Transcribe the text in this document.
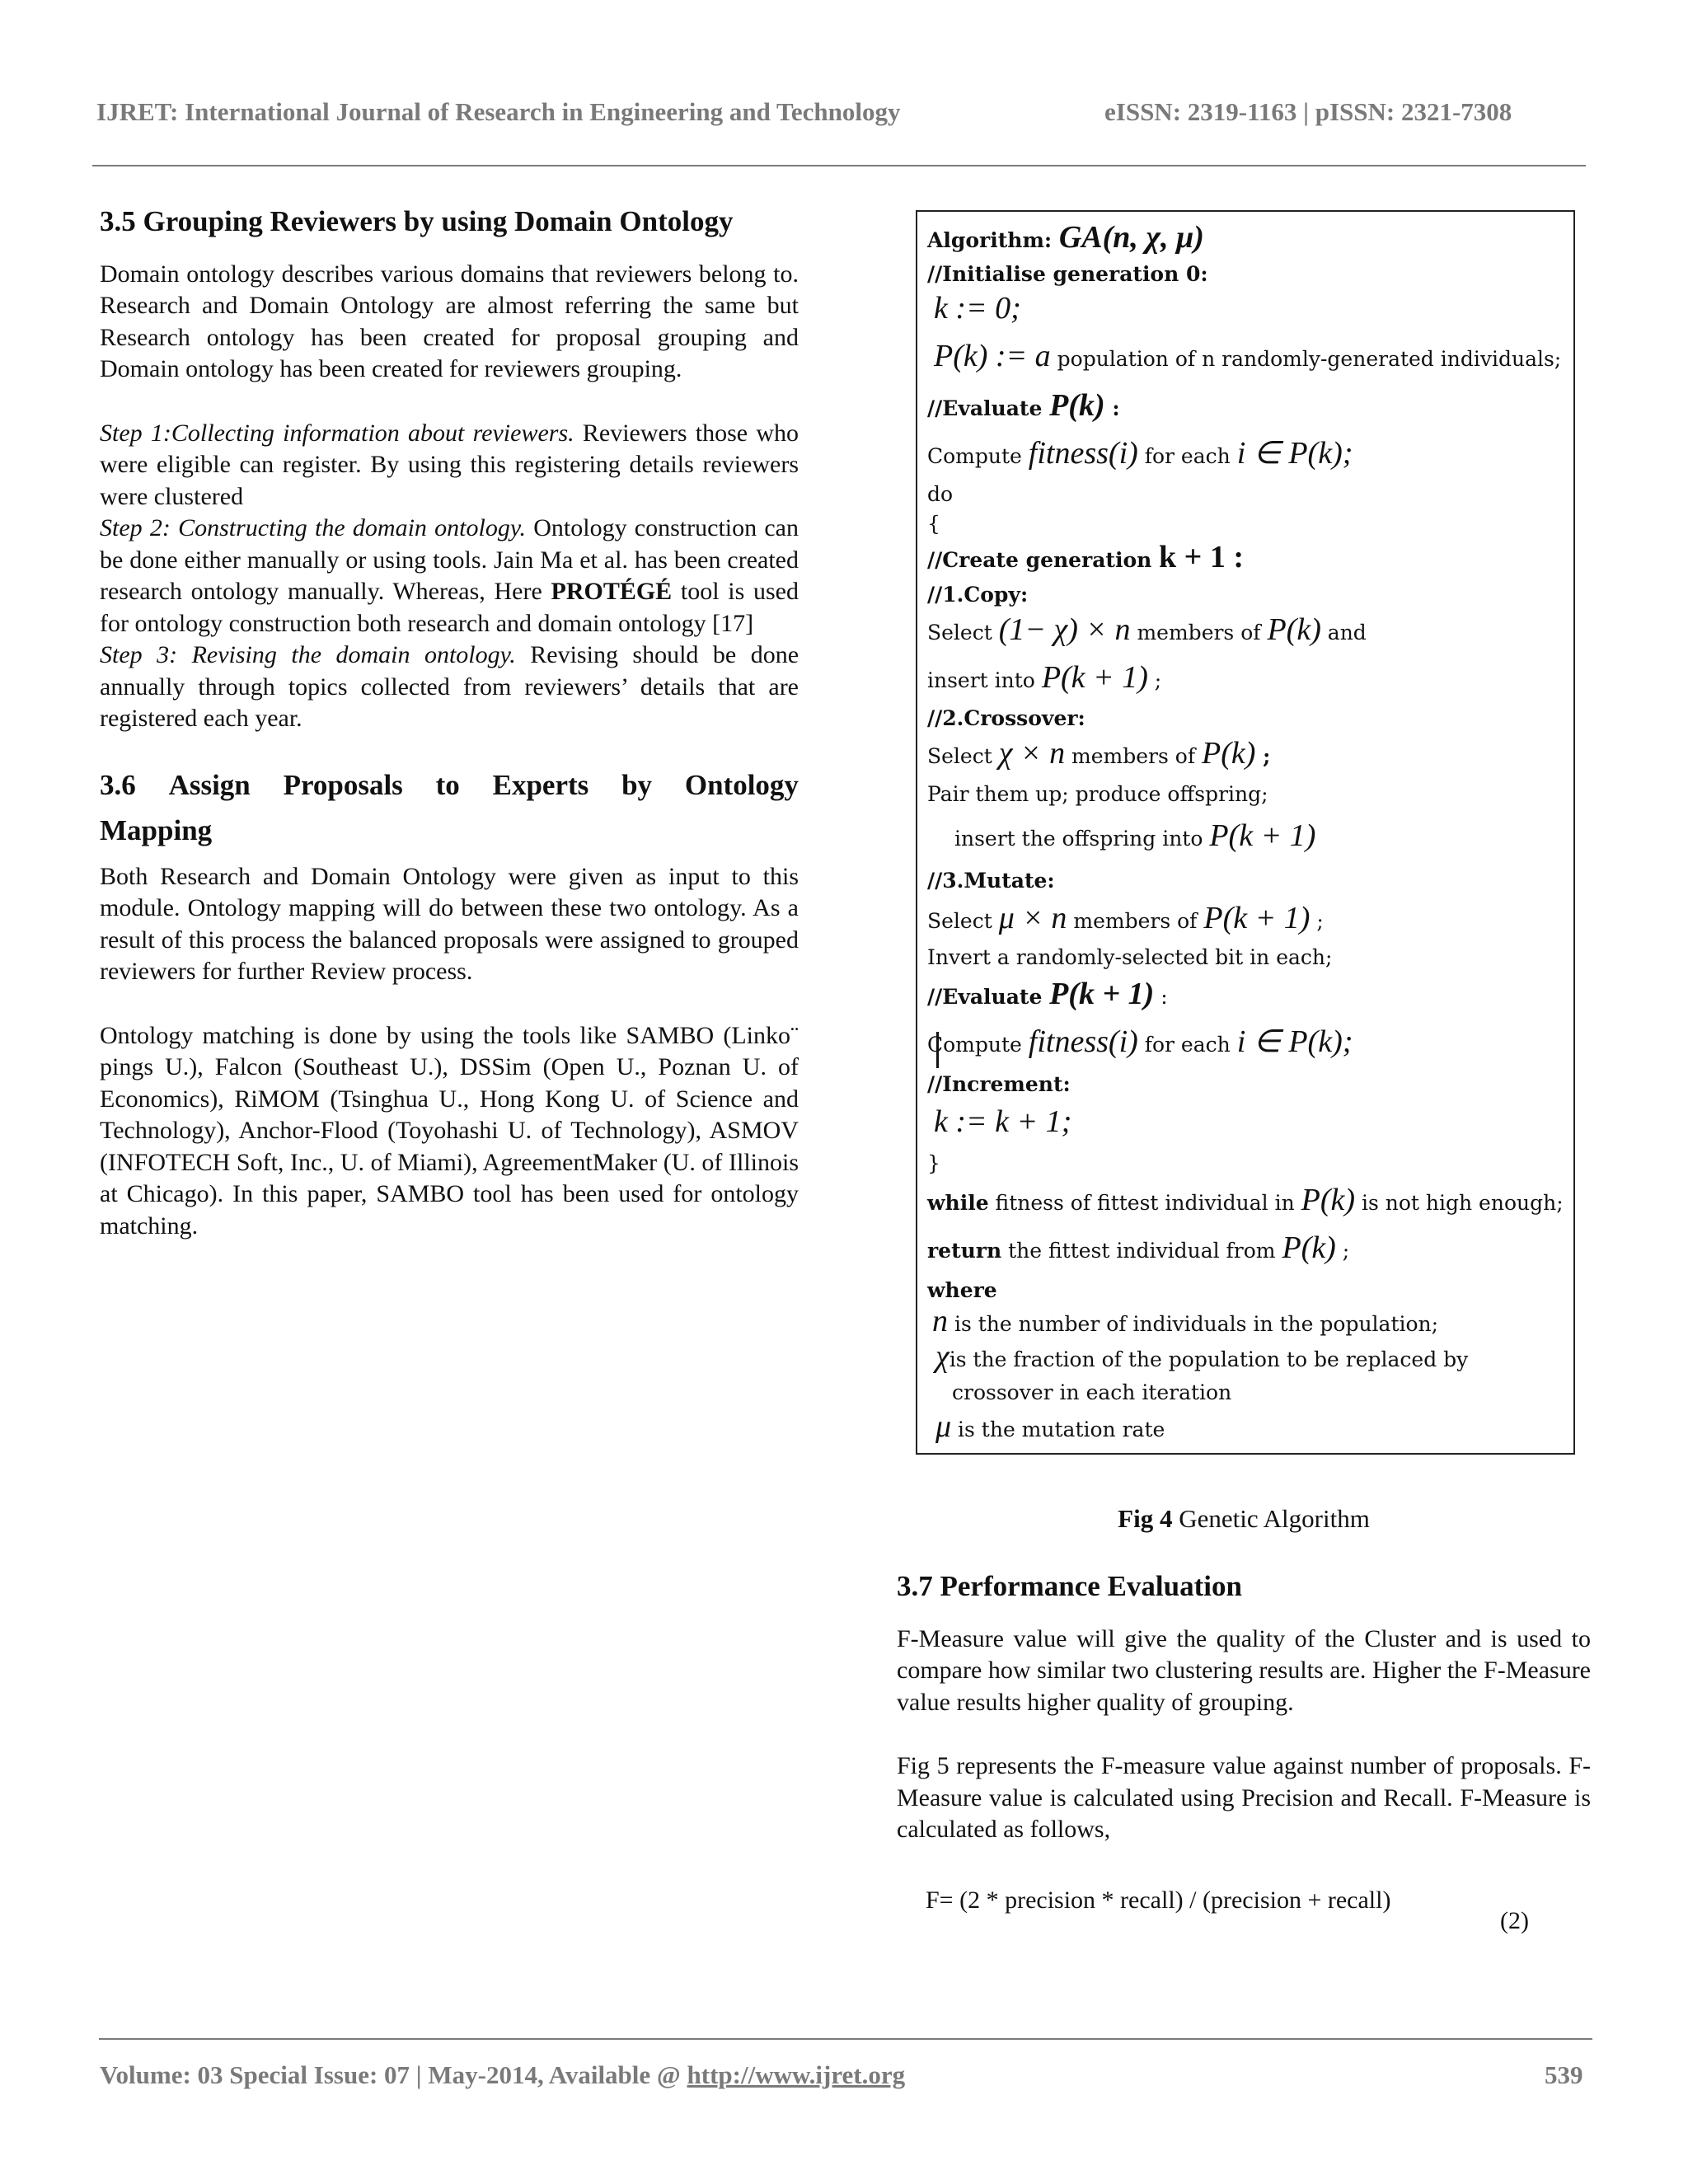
IJRET: International Journal of Research in Engineering and Technology	eISSN: 2319-1163 | pISSN: 2321-7308
3.5 Grouping Reviewers by using Domain Ontology

Domain ontology describes various domains that reviewers belong to. Research and Domain Ontology are almost referring the same but Research ontology has been created for proposal grouping and Domain ontology has been created for reviewers grouping.

Step 1:Collecting information about reviewers. Reviewers those who were eligible can register. By using this registering details reviewers were clustered

Step 2: Constructing the domain ontology. Ontology construction can be done either manually or using tools. Jain Ma et al. has been created research ontology manually. Whereas, Here PROTÉGÉ tool is used for ontology construction both research and domain ontology [17]

Step 3: Revising the domain ontology. Revising should be done annually through topics collected from reviewers’ details that are registered each year.

3.6 Assign Proposals to Experts by Ontology
Mapping

Both Research and Domain Ontology were given as input to this module. Ontology mapping will do between these two ontology. As a result of this process the balanced proposals were assigned to grouped reviewers for further Review process.

Ontology matching is done by using the tools like SAMBO (Linko¨ pings U.), Falcon (Southeast U.), DSSim (Open U., Poznan U. of Economics), RiMOM (Tsinghua U., Hong Kong U. of Science and Technology), Anchor-Flood (Toyohashi U. of Technology), ASMOV (INFOTECH Soft, Inc., U. of Miami), AgreementMaker (U. of Illinois at Chicago). In this paper, SAMBO tool has been used for ontology matching.

Algorithm: GA(n, χ, μ)
//Initialise generation 0:
k := 0;
P(k) := a population of n randomly-generated individuals;
//Evaluate P(k) :
Compute fitness(i) for each i ∈ P(k);
do
{
//Create generation k + 1 :
//1.Copy:
Select (1− χ) × n members of P(k) and
insert into P(k + 1) ;
//2.Crossover:
Select χ × n members of P(k) ;
Pair them up; produce offspring;
insert the offspring into P(k + 1)
//3.Mutate:
Select μ × n members of P(k + 1) ;
Invert a randomly-selected bit in each;
//Evaluate P(k + 1) :
Compute fitness(i) for each i ∈ P(k);
//Increment:
k := k + 1;
}
while fitness of fittest individual in P(k) is not high enough;
return the fittest individual from P(k) ;
where
n is the number of individuals in the population;
χis the fraction of the population to be replaced by
crossover in each iteration
μ is the mutation rate
Fig 4 Genetic Algorithm
3.7 Performance Evaluation

F-Measure value will give the quality of the Cluster and is used to compare how similar two clustering results are. Higher the F-Measure value results higher quality of grouping.

Fig 5 represents the F-measure value against number of proposals. F- Measure value is calculated using Precision and Recall. F-Measure is calculated as follows,

F= (2 * precision * recall) / (precision + recall)
(2)
Volume: 03 Special Issue: 07 | May-2014, Available @ http://www.ijret.org	539
